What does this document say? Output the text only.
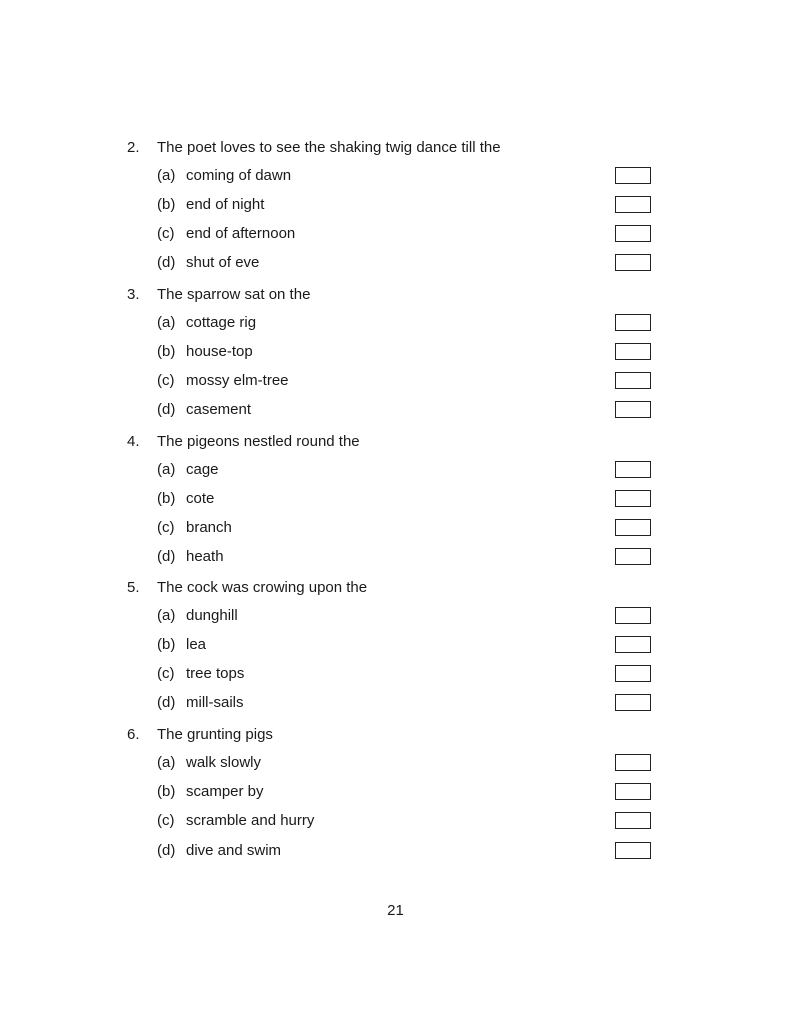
2.	The poet loves to see the shaking twig dance till the
(a) coming of dawn
(b) end of night
(c) end of afternoon
(d) shut of eve
3.	The sparrow sat on the
(a) cottage rig
(b) house-top
(c) mossy elm-tree
(d) casement
4.	The pigeons nestled round the
(a) cage
(b) cote
(c) branch
(d) heath
5.	The cock was crowing upon the
(a) dunghill
(b) lea
(c) tree tops
(d) mill-sails
6.	The grunting pigs
(a) walk slowly
(b) scamper by
(c) scramble and hurry
(d) dive and swim
21
